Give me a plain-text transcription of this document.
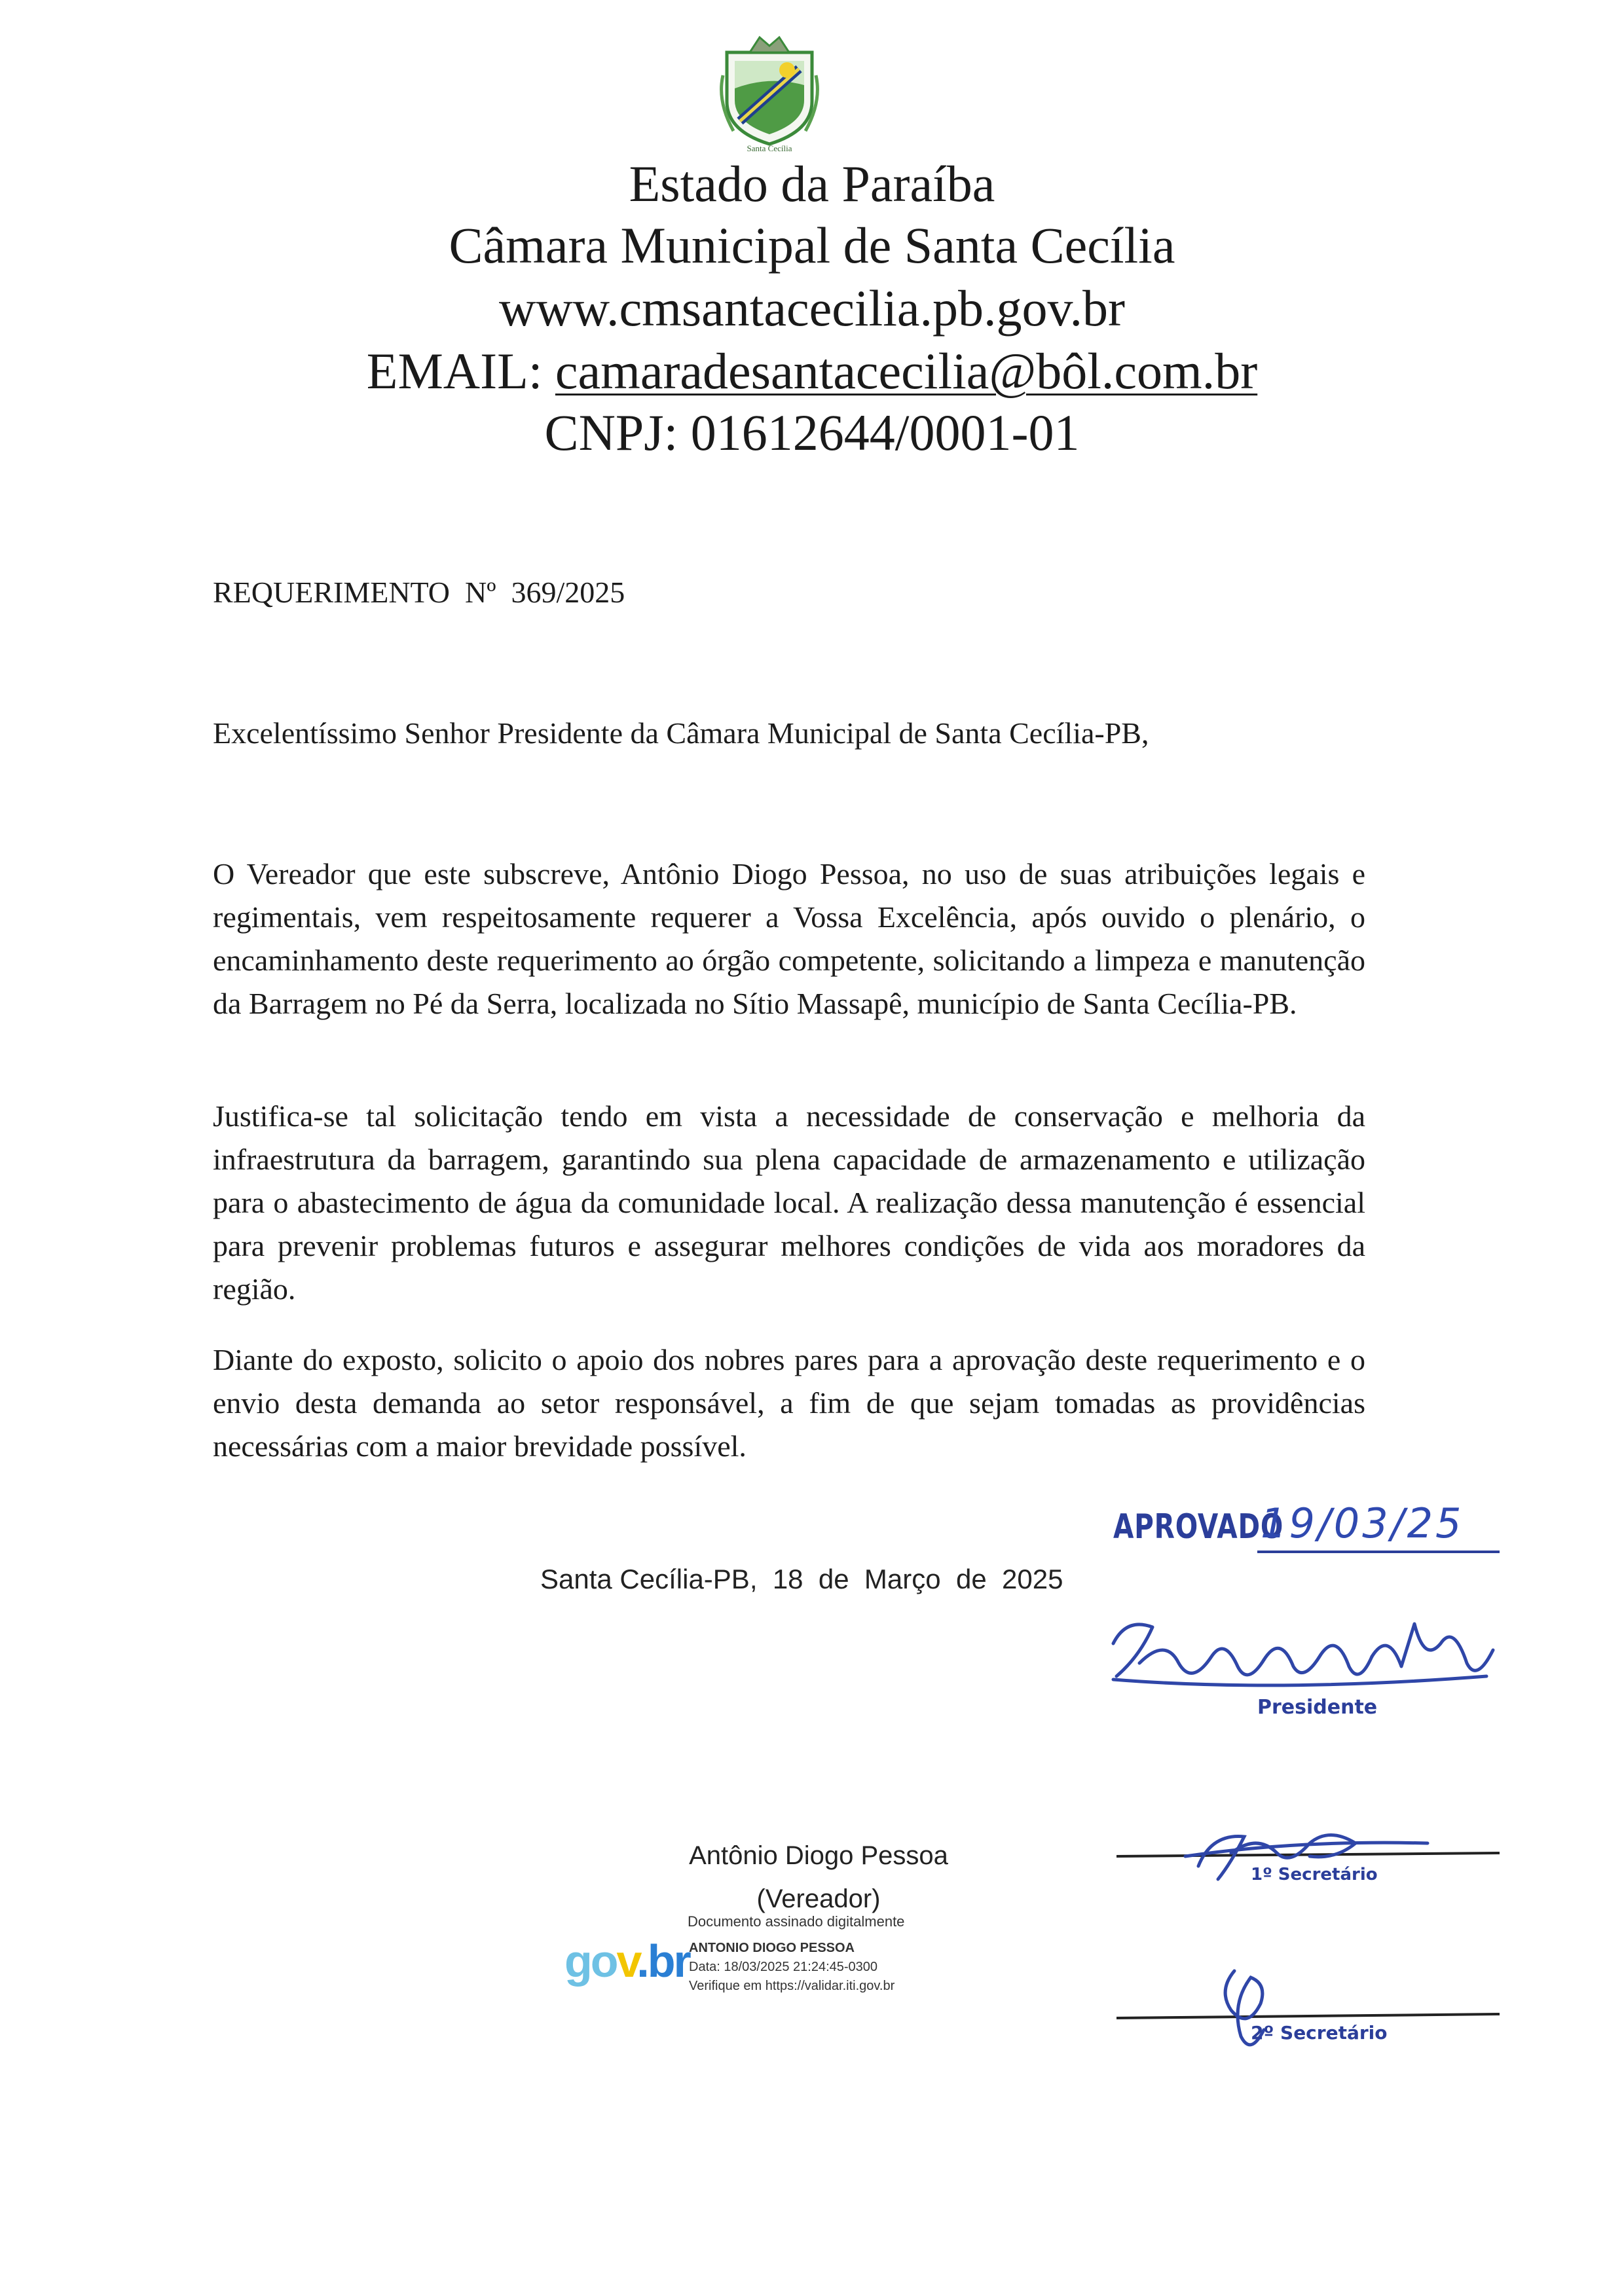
Santa Cecília
Estado da Paraíba
Câmara Municipal de Santa Cecília
www.cmsantacecilia.pb.gov.br
EMAIL: camaradesantacecilia@bôl.com.br
CNPJ: 01612644/0001-01
REQUERIMENTO  Nº  369/2025
Excelentíssimo Senhor Presidente da Câmara Municipal de Santa Cecília-PB,

O Vereador que este subscreve, Antônio Diogo Pessoa, no uso de suas atribuições legais e regimentais, vem respeitosamente requerer a Vossa Excelência, após ouvido o plenário, o encaminhamento deste requerimento ao órgão competente, solicitando a limpeza e manutenção da Barragem no Pé da Serra, localizada no Sítio Massapê, município de Santa Cecília-PB.

Justifica-se tal solicitação tendo em vista a necessidade de conservação e melhoria da infraestrutura da barragem, garantindo sua plena capacidade de armazenamento e utilização para o abastecimento de água da comunidade local. A realização dessa manutenção é essencial para prevenir problemas futuros e assegurar melhores condições de vida aos moradores da região.

Diante do exposto, solicito o apoio dos nobres pares para a aprovação deste requerimento e o envio desta demanda ao setor responsável, a fim de que sejam tomadas as providências necessárias com a maior brevidade possível.

Santa Cecília-PB,  18  de  Março  de  2025
Antônio Diogo Pessoa
(Vereador)
gov.br
Documento assinado digitalmente
ANTONIO DIOGO PESSOA
Data: 18/03/2025 21:24:45-0300
Verifique em https://validar.iti.gov.br
APROVADO
19/03/25
Presidente
1º Secretário
2º Secretário
